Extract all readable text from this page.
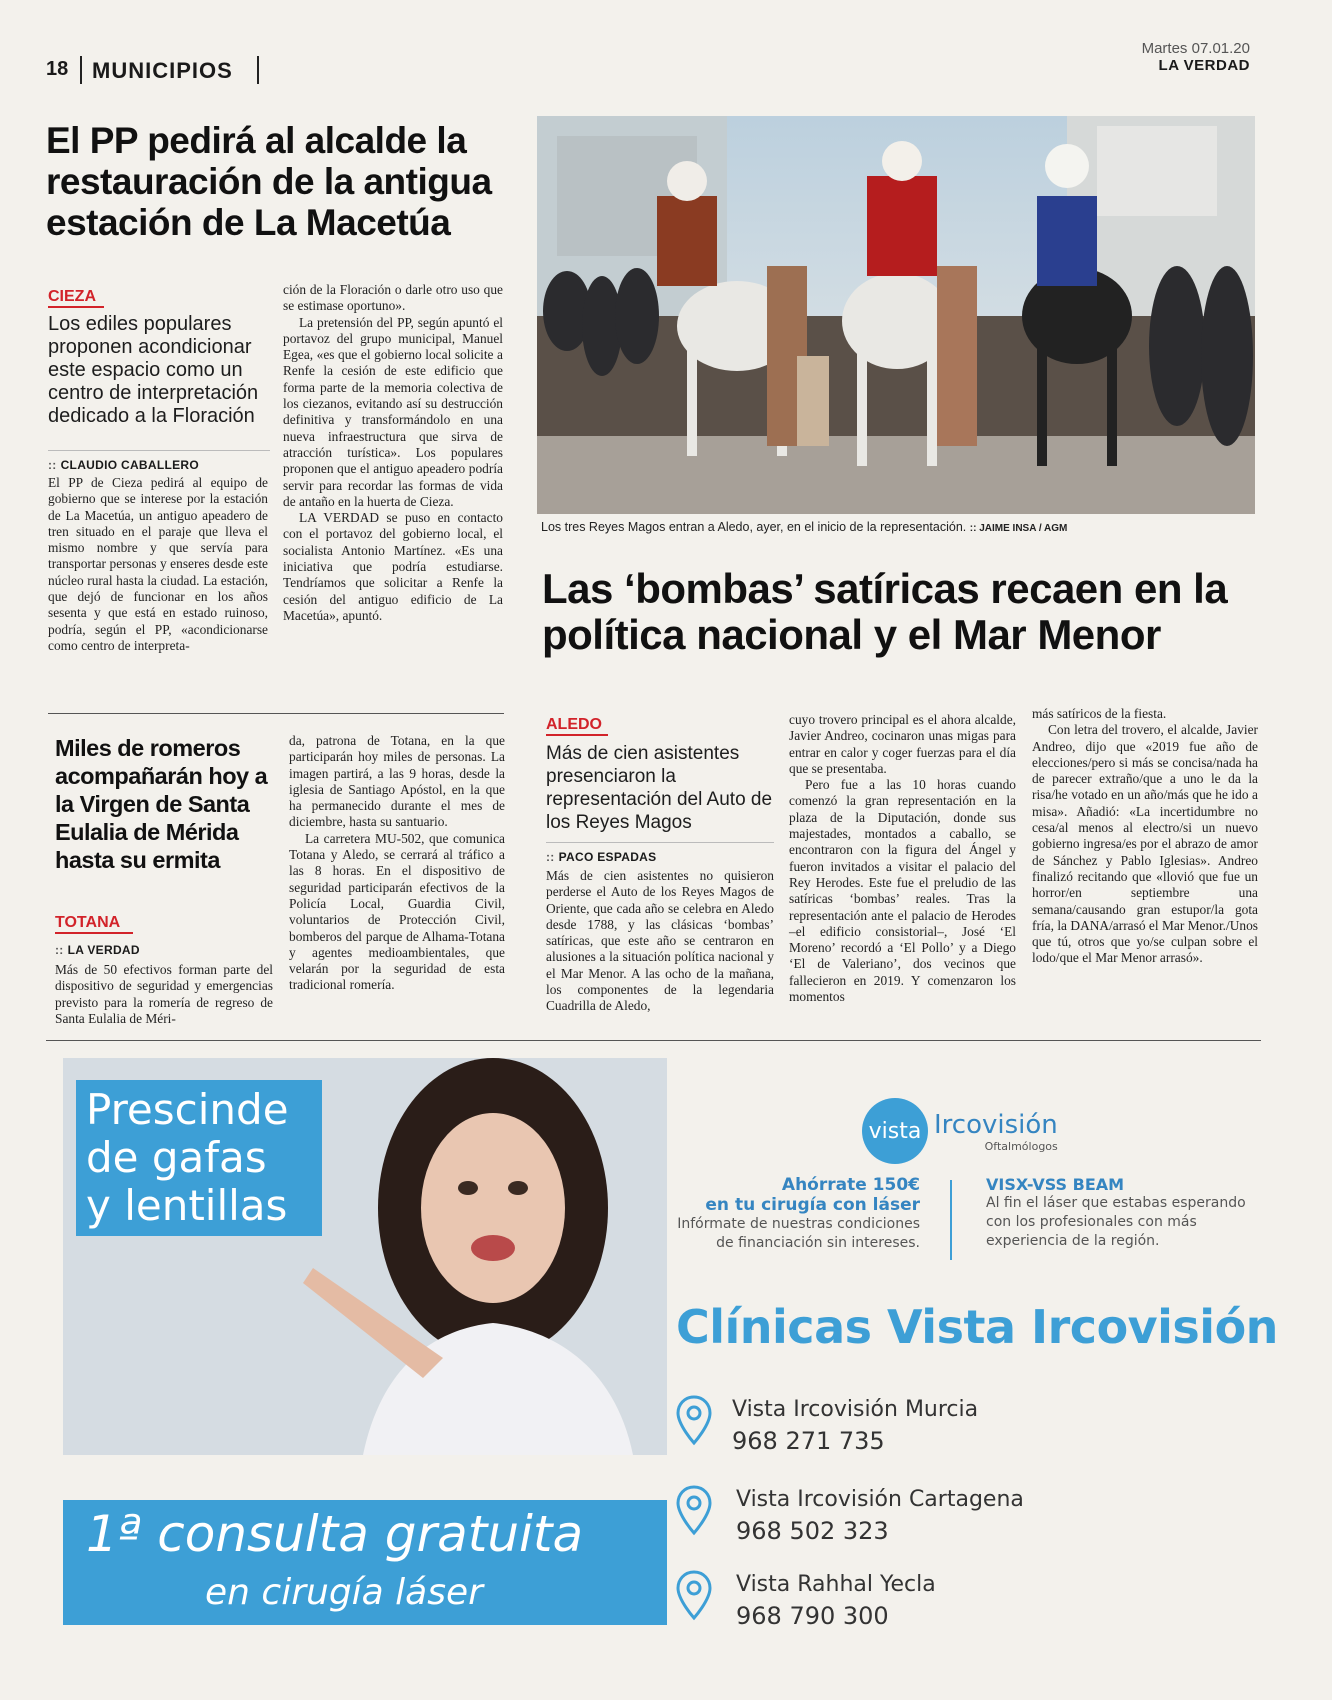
18 MUNICIPIOS
Martes 07.01.20
LA VERDAD
El PP pedirá al alcalde la restauración de la antigua estación de La Macetúa
CIEZA
Los ediles populares proponen acondicionar este espacio como un centro de interpretación dedicado a la Floración
:: CLAUDIO CABALLERO
El PP de Cieza pedirá al equipo de gobierno que se interese por la estación de La Macetúa, un antiguo apeadero de tren situado en el paraje que lleva el mismo nombre y que servía para transportar personas y enseres desde este núcleo rural hasta la ciudad. La estación, que dejó de funcionar en los años sesenta y que está en estado ruinoso, podría, según el PP, «acondicionarse como centro de interpreta-

ción de la Floración o darle otro uso que se estimase oportuno».

La pretensión del PP, según apuntó el portavoz del grupo municipal, Manuel Egea, «es que el gobierno local solicite a Renfe la cesión de este edificio que forma parte de la memoria colectiva de los ciezanos, evitando así su destrucción definitiva y transformándolo en una nueva infraestructura que sirva de atracción turística». Los populares proponen que el antiguo apeadero podría servir para recordar las formas de vida de antaño en la huerta de Cieza.

LA VERDAD se puso en contacto con el portavoz del gobierno local, el socialista Antonio Martínez. «Es una iniciativa que podría estudiarse. Tendríamos que solicitar a Renfe la cesión del antiguo edificio de La Macetúa», apuntó.

Miles de romeros acompañarán hoy a la Virgen de Santa Eulalia de Mérida hasta su ermita
TOTANA
:: LA VERDAD
Más de 50 efectivos forman parte del dispositivo de seguridad y emergencias previsto para la romería de regreso de Santa Eulalia de Méri-

da, patrona de Totana, en la que participarán hoy miles de personas. La imagen partirá, a las 9 horas, desde la iglesia de Santiago Apóstol, en la que ha permanecido durante el mes de diciembre, hasta su santuario.

La carretera MU-502, que comunica Totana y Aledo, se cerrará al tráfico a las 8 horas. En el dispositivo de seguridad participarán efectivos de la Policía Local, Guardia Civil, voluntarios de Protección Civil, bomberos del parque de Alhama-Totana y agentes medioambientales, que velarán por la seguridad de esta tradicional romería.

Los tres Reyes Magos entran a Aledo, ayer, en el inicio de la representación. :: JAIME INSA / AGM
Las ‘bombas’ satíricas recaen en la política nacional y el Mar Menor
ALEDO
Más de cien asistentes presenciaron la representación del Auto de los Reyes Magos
:: PACO ESPADAS
Más de cien asistentes no quisieron perderse el Auto de los Reyes Magos de Oriente, que cada año se celebra en Aledo desde 1788, y las clásicas ‘bombas’ satíricas, que este año se centraron en alusiones a la situación política nacional y el Mar Menor. A las ocho de la mañana, los componentes de la legendaria Cuadrilla de Aledo,

cuyo trovero principal es el ahora alcalde, Javier Andreo, cocinaron unas migas para entrar en calor y coger fuerzas para el día que se presentaba.

Pero fue a las 10 horas cuando comenzó la gran representación en la plaza de la Diputación, donde sus majestades, montados a caballo, se encontraron con la figura del Ángel y fueron invitados a visitar el palacio del Rey Herodes. Este fue el preludio de las satíricas ‘bombas’ reales. Tras la representación ante el palacio de Herodes –el edificio consistorial–, José ‘El Moreno’ recordó a ‘El Pollo’ y a Diego ‘El de Valeriano’, dos vecinos que fallecieron en 2019. Y comenzaron los momentos

más satíricos de la fiesta.

Con letra del trovero, el alcalde, Javier Andreo, dijo que «2019 fue año de elecciones/pero si más se concisa/nada ha de parecer extraño/que a uno le da la risa/he votado en un año/más que he ido a misa». Añadió: «La incertidumbre no cesa/al menos al electro/si un nuevo gobierno ingresa/es por el abrazo de amor de Sánchez y Pablo Iglesias». Andreo finalizó recitando que «llovió que fue un horror/en septiembre una semana/causando gran estupor/la gota fría, la DANA/arrasó el Mar Menor./Unos que tú, otros que yo/se culpan sobre el lodo/que el Mar Menor arrasó».

Prescinde
de gafas
y lentillas
1ª consulta gratuita
en cirugía láser
vista Ircovisión
Oftalmólogos
Ahórrate 150€
en tu cirugía con láser
Infórmate de nuestras condiciones
de financiación sin intereses.
VISX-VSS BEAM
Al fin el láser que estabas esperando
con los profesionales con más
experiencia de la región.
Clínicas Vista Ircovisión
Vista Ircovisión Murcia
968 271 735
Vista Ircovisión Cartagena
968 502 323
Vista Rahhal Yecla
968 790 300
